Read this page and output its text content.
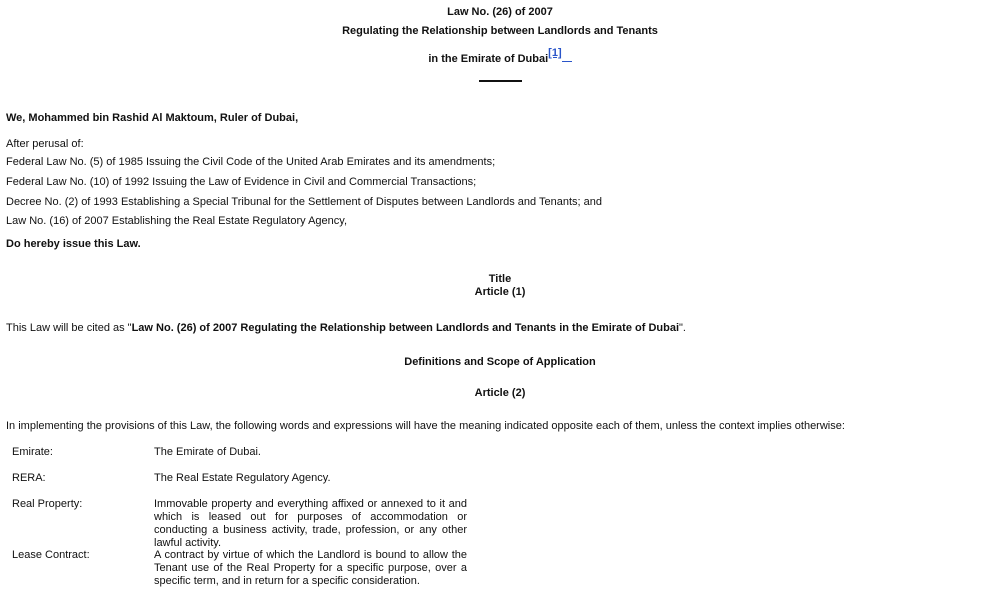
Law No. (26) of 2007
Regulating the Relationship between Landlords and Tenants
in the Emirate of Dubai[1]
We, Mohammed bin Rashid Al Maktoum, Ruler of Dubai,
After perusal of:
Federal Law No. (5) of 1985 Issuing the Civil Code of the United Arab Emirates and its amendments;
Federal Law No. (10) of 1992 Issuing the Law of Evidence in Civil and Commercial Transactions;
Decree No. (2) of 1993 Establishing a Special Tribunal for the Settlement of Disputes between Landlords and Tenants; and
Law No. (16) of 2007 Establishing the Real Estate Regulatory Agency,
Do hereby issue this Law.
Title
Article (1)
This Law will be cited as "Law No. (26) of 2007 Regulating the Relationship between Landlords and Tenants in the Emirate of Dubai".
Definitions and Scope of Application
Article (2)
In implementing the provisions of this Law, the following words and expressions will have the meaning indicated opposite each of them, unless the context implies otherwise:
Emirate:	The Emirate of Dubai.
RERA:	The Real Estate Regulatory Agency.
Real Property:	Immovable property and everything affixed or annexed to it and which is leased out for purposes of accommodation or conducting a business activity, trade, profession, or any other lawful activity.
Lease Contract:	A contract by virtue of which the Landlord is bound to allow the Tenant use of the Real Property for a specific purpose, over a specific term, and in return for a specific consideration.
